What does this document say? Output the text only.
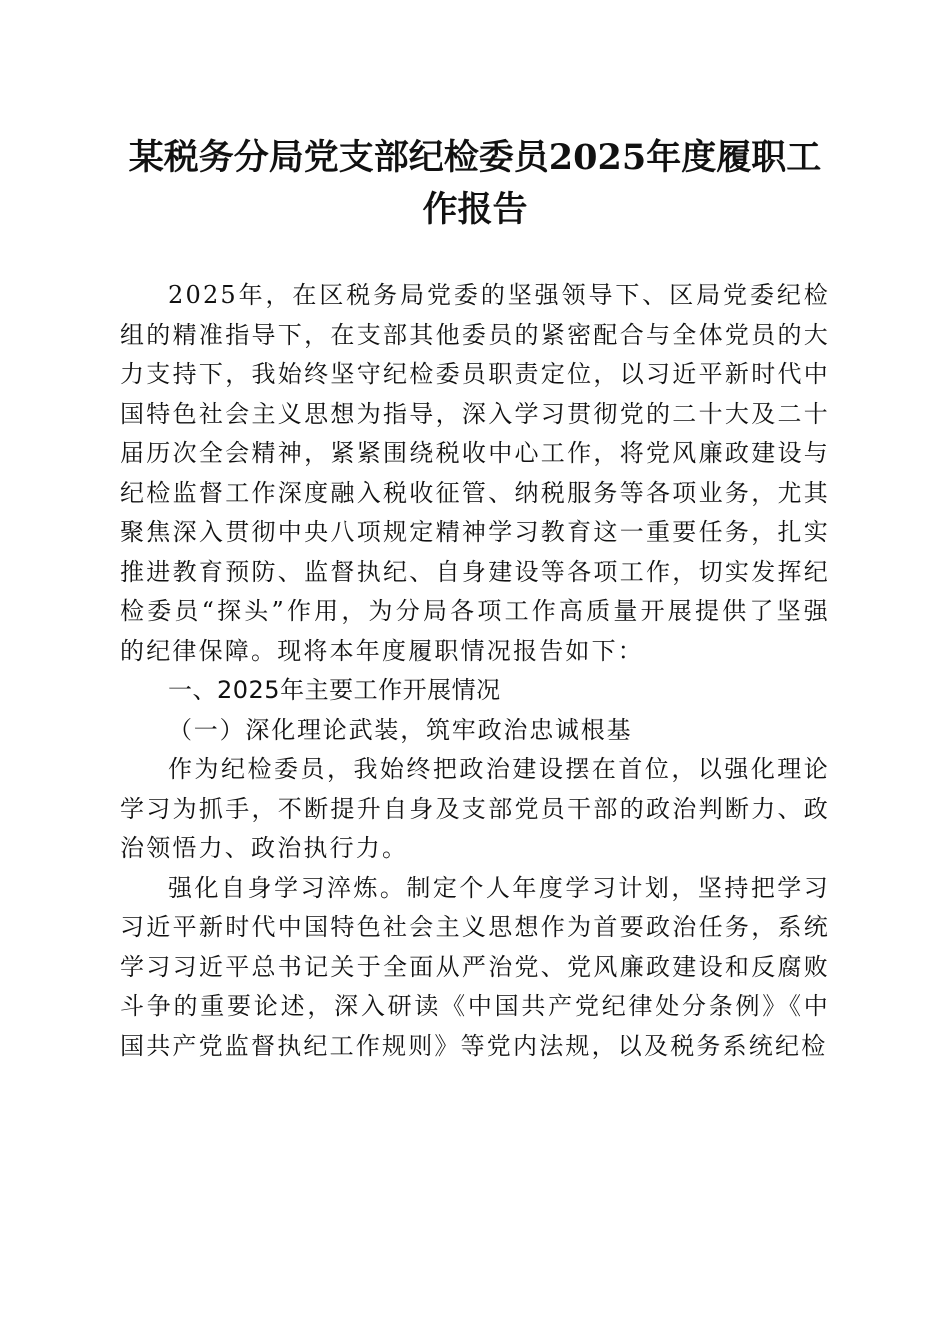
某税务分局党支部纪检委员2025年度履职工作报告

2025年，在区税务局党委的坚强领导下、区局党委纪检组的精准指导下，在支部其他委员的紧密配合与全体党员的大力支持下，我始终坚守纪检委员职责定位，以习近平新时代中国特色社会主义思想为指导，深入学习贯彻党的二十大及二十届历次全会精神，紧紧围绕税收中心工作，将党风廉政建设与纪检监督工作深度融入税收征管、纳税服务等各项业务，尤其聚焦深入贯彻中央八项规定精神学习教育这一重要任务，扎实推进教育预防、监督执纪、自身建设等各项工作，切实发挥纪检委员“探头”作用，为分局各项工作高质量开展提供了坚强的纪律保障。现将本年度履职情况报告如下：

一、2025年主要工作开展情况

（一）深化理论武装，筑牢政治忠诚根基

作为纪检委员，我始终把政治建设摆在首位，以强化理论学习为抓手，不断提升自身及支部党员干部的政治判断力、政治领悟力、政治执行力。

强化自身学习淬炼。制定个人年度学习计划，坚持把学习习近平新时代中国特色社会主义思想作为首要政治任务，系统学习习近平总书记关于全面从严治党、党风廉政建设和反腐败斗争的重要论述，深入研读《中国共产党纪律处分条例》《中国共产党监督执纪工作规则》等党内法规，以及税务系统纪检
